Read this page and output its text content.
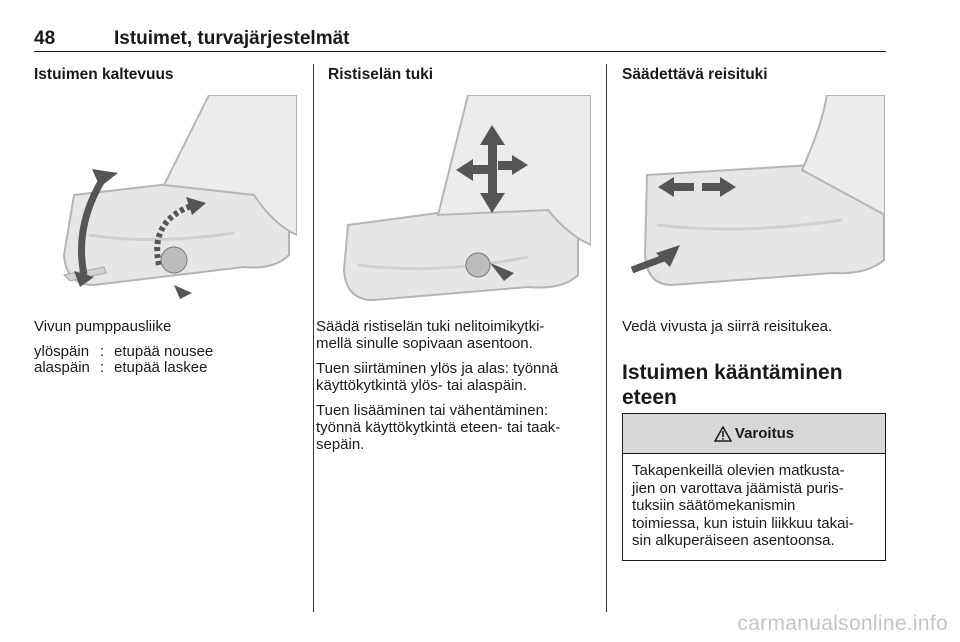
48	Istuimet, turvajärjestelmät
Istuimen kaltevuus
Vivun pumppausliike
ylöspäin : etupää nousee
alaspäin : etupää laskee
Ristiselän tuki
Säädä ristiselän tuki nelitoimikytki-
mellä sinulle sopivaan asentoon.
Tuen siirtäminen ylös ja alas: työnnä
käyttökytkintä ylös- tai alaspäin.
Tuen lisääminen tai vähentäminen:
työnnä käyttökytkintä eteen- tai taak-
sepäin.
Säädettävä reisituki
Vedä vivusta ja siirrä reisitukea.
Istuimen kääntäminen
eteen
Varoitus
Takapenkeillä olevien matkusta-
jien on varottava jäämistä puris-
tuksiin säätömekanismin
toimiessa, kun istuin liikkuu takai-
sin alkuperäiseen asentoonsa.
carmanualsonline.info
